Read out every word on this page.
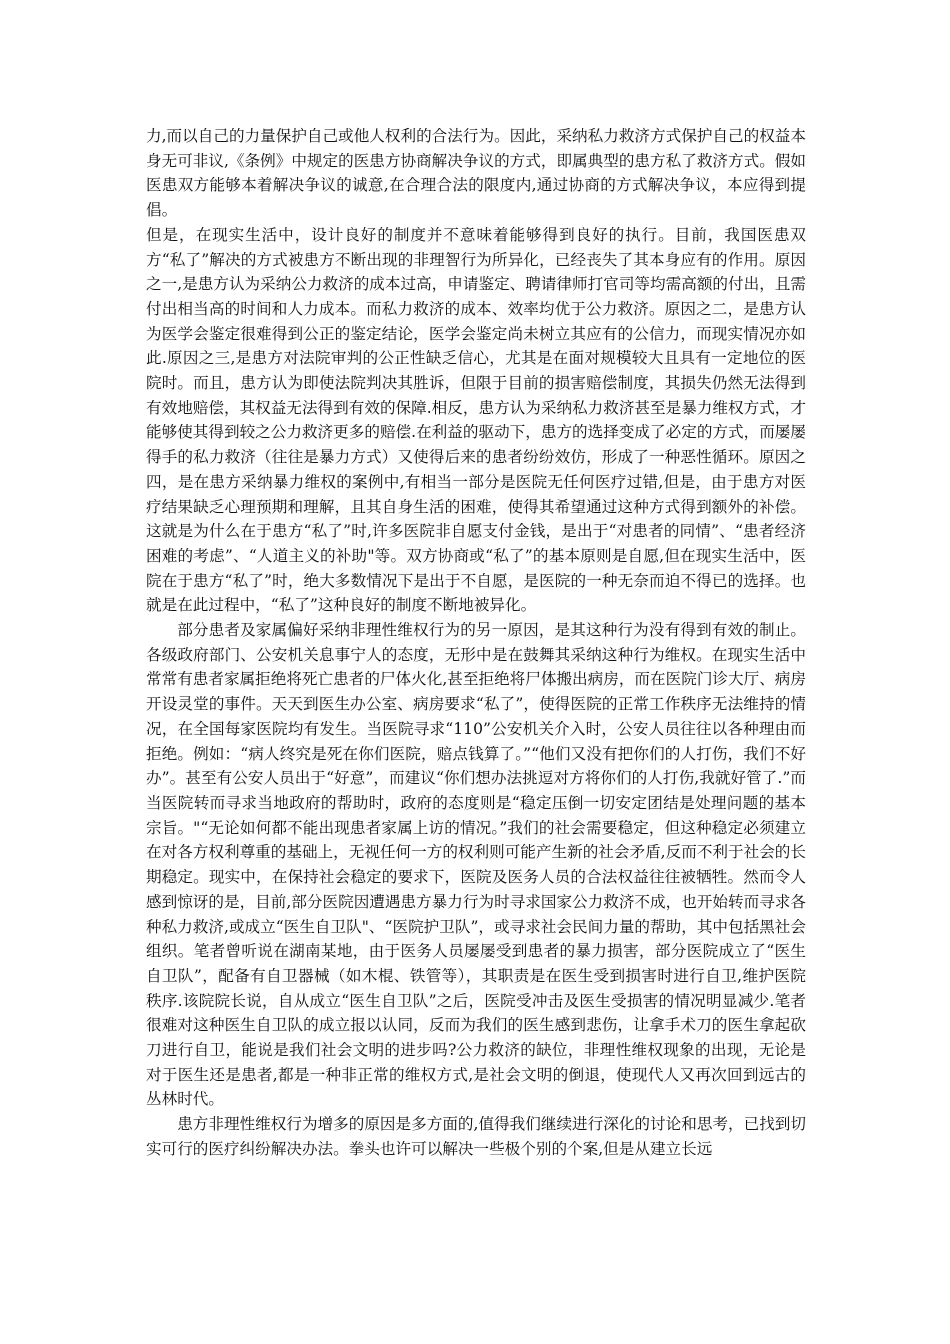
力,而以自己的力量保护自己或他人权利的合法行为。因此，采纳私力救济方式保护自己的权益本身无可非议,《条例》中规定的医患方协商解决争议的方式，即属典型的患方私了救济方式。假如医患双方能够本着解决争议的诚意,在合理合法的限度内,通过协商的方式解决争议，本应得到提倡。

但是，在现实生活中，设计良好的制度并不意味着能够得到良好的执行。目前，我国医患双方“私了”解决的方式被患方不断出现的非理智行为所异化，已经丧失了其本身应有的作用。原因之一,是患方认为采纳公力救济的成本过高，申请鉴定、聘请律师打官司等均需高额的付出，且需付出相当高的时间和人力成本。而私力救济的成本、效率均优于公力救济。原因之二，是患方认为医学会鉴定很难得到公正的鉴定结论，医学会鉴定尚未树立其应有的公信力，而现实情况亦如此.原因之三,是患方对法院审判的公正性缺乏信心，尤其是在面对规模较大且具有一定地位的医院时。而且，患方认为即使法院判决其胜诉，但限于目前的损害赔偿制度，其损失仍然无法得到有效地赔偿，其权益无法得到有效的保障.相反，患方认为采纳私力救济甚至是暴力维权方式，才能够使其得到较之公力救济更多的赔偿.在利益的驱动下，患方的选择变成了必定的方式，而屡屡得手的私力救济（往往是暴力方式）又使得后来的患者纷纷效仿，形成了一种恶性循环。原因之四，是在患方采纳暴力维权的案例中,有相当一部分是医院无任何医疗过错,但是，由于患方对医疗结果缺乏心理预期和理解，且其自身生活的困难，使得其希望通过这种方式得到额外的补偿。这就是为什么在于患方“私了”时,许多医院非自愿支付金钱，是出于“对患者的同情”、“患者经济困难的考虑”、“人道主义的补助"等。双方协商或“私了”的基本原则是自愿,但在现实生活中，医院在于患方“私了”时，绝大多数情况下是出于不自愿，是医院的一种无奈而迫不得已的选择。也就是在此过程中，“私了”这种良好的制度不断地被异化。

部分患者及家属偏好采纳非理性维权行为的另一原因，是其这种行为没有得到有效的制止。各级政府部门、公安机关息事宁人的态度，无形中是在鼓舞其采纳这种行为维权。在现实生活中常常有患者家属拒绝将死亡患者的尸体火化,甚至拒绝将尸体搬出病房，而在医院门诊大厅、病房开设灵堂的事件。天天到医生办公室、病房要求“私了”，使得医院的正常工作秩序无法维持的情况，在全国每家医院均有发生。当医院寻求“110”公安机关介入时，公安人员往往以各种理由而拒绝。例如：“病人终究是死在你们医院，赔点钱算了。”“他们又没有把你们的人打伤，我们不好办”。甚至有公安人员出于“好意”，而建议“你们想办法挑逗对方将你们的人打伤,我就好管了.”而当医院转而寻求当地政府的帮助时，政府的态度则是“稳定压倒一切安定团结是处理问题的基本宗旨。"“无论如何都不能出现患者家属上访的情况。”我们的社会需要稳定，但这种稳定必须建立在对各方权利尊重的基础上，无视任何一方的权利则可能产生新的社会矛盾,反而不利于社会的长期稳定。现实中，在保持社会稳定的要求下，医院及医务人员的合法权益往往被牺牲。然而令人感到惊讶的是，目前,部分医院因遭遇患方暴力行为时寻求国家公力救济不成，也开始转而寻求各种私力救济,或成立“医生自卫队"、“医院护卫队”，或寻求社会民间力量的帮助，其中包括黑社会组织。笔者曾听说在湖南某地，由于医务人员屡屡受到患者的暴力损害，部分医院成立了“医生自卫队”，配备有自卫器械（如木棍、铁管等），其职责是在医生受到损害时进行自卫,维护医院秩序.该院院长说，自从成立“医生自卫队”之后，医院受冲击及医生受损害的情况明显减少.笔者很难对这种医生自卫队的成立报以认同，反而为我们的医生感到悲伤，让拿手术刀的医生拿起砍刀进行自卫，能说是我们社会文明的进步吗?公力救济的缺位，非理性维权现象的出现，无论是对于医生还是患者,都是一种非正常的维权方式,是社会文明的倒退，使现代人又再次回到远古的丛林时代。

患方非理性维权行为增多的原因是多方面的,值得我们继续进行深化的讨论和思考，已找到切实可行的医疗纠纷解决办法。拳头也许可以解决一些极个别的个案,但是从建立长远
